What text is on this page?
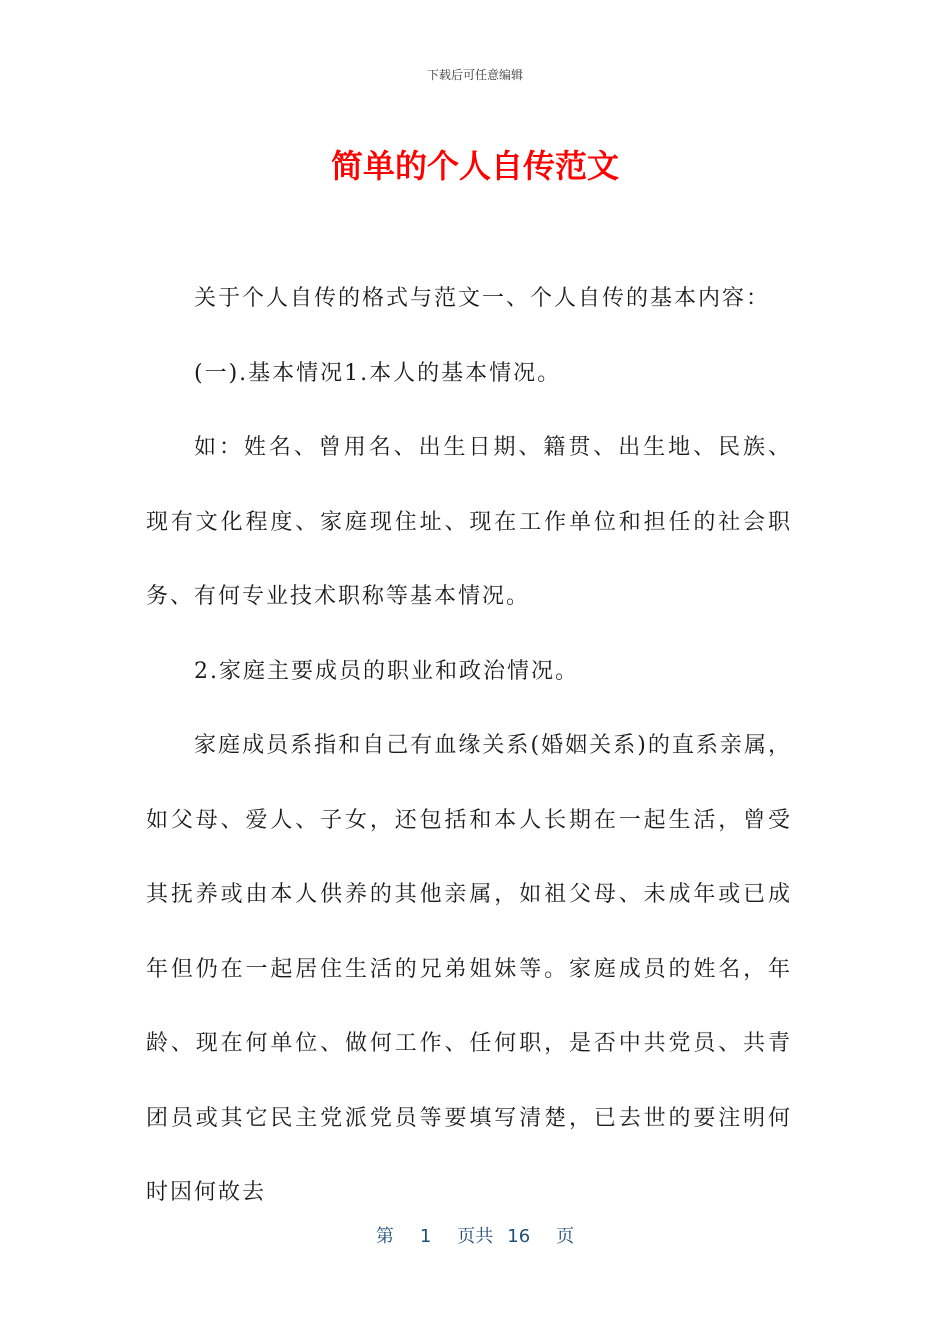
下载后可任意编辑
简单的个人自传范文

关于个人自传的格式与范文一、个人自传的基本内容：

(一).基本情况1.本人的基本情况。

如：姓名、曾用名、出生日期、籍贯、出生地、民族、现有文化程度、家庭现住址、现在工作单位和担任的社会职务、有何专业技术职称等基本情况。

2.家庭主要成员的职业和政治情况。

家庭成员系指和自己有血缘关系(婚姻关系)的直系亲属，如父母、爱人、子女，还包括和本人长期在一起生活，曾受其抚养或由本人供养的其他亲属，如祖父母、未成年或已成年但仍在一起居住生活的兄弟姐妹等。家庭成员的姓名，年龄、现在何单位、做何工作、任何职，是否中共党员、共青团员或其它民主党派党员等要填写清楚，已去世的要注明何时因何故去

第 1 页共 16 页
